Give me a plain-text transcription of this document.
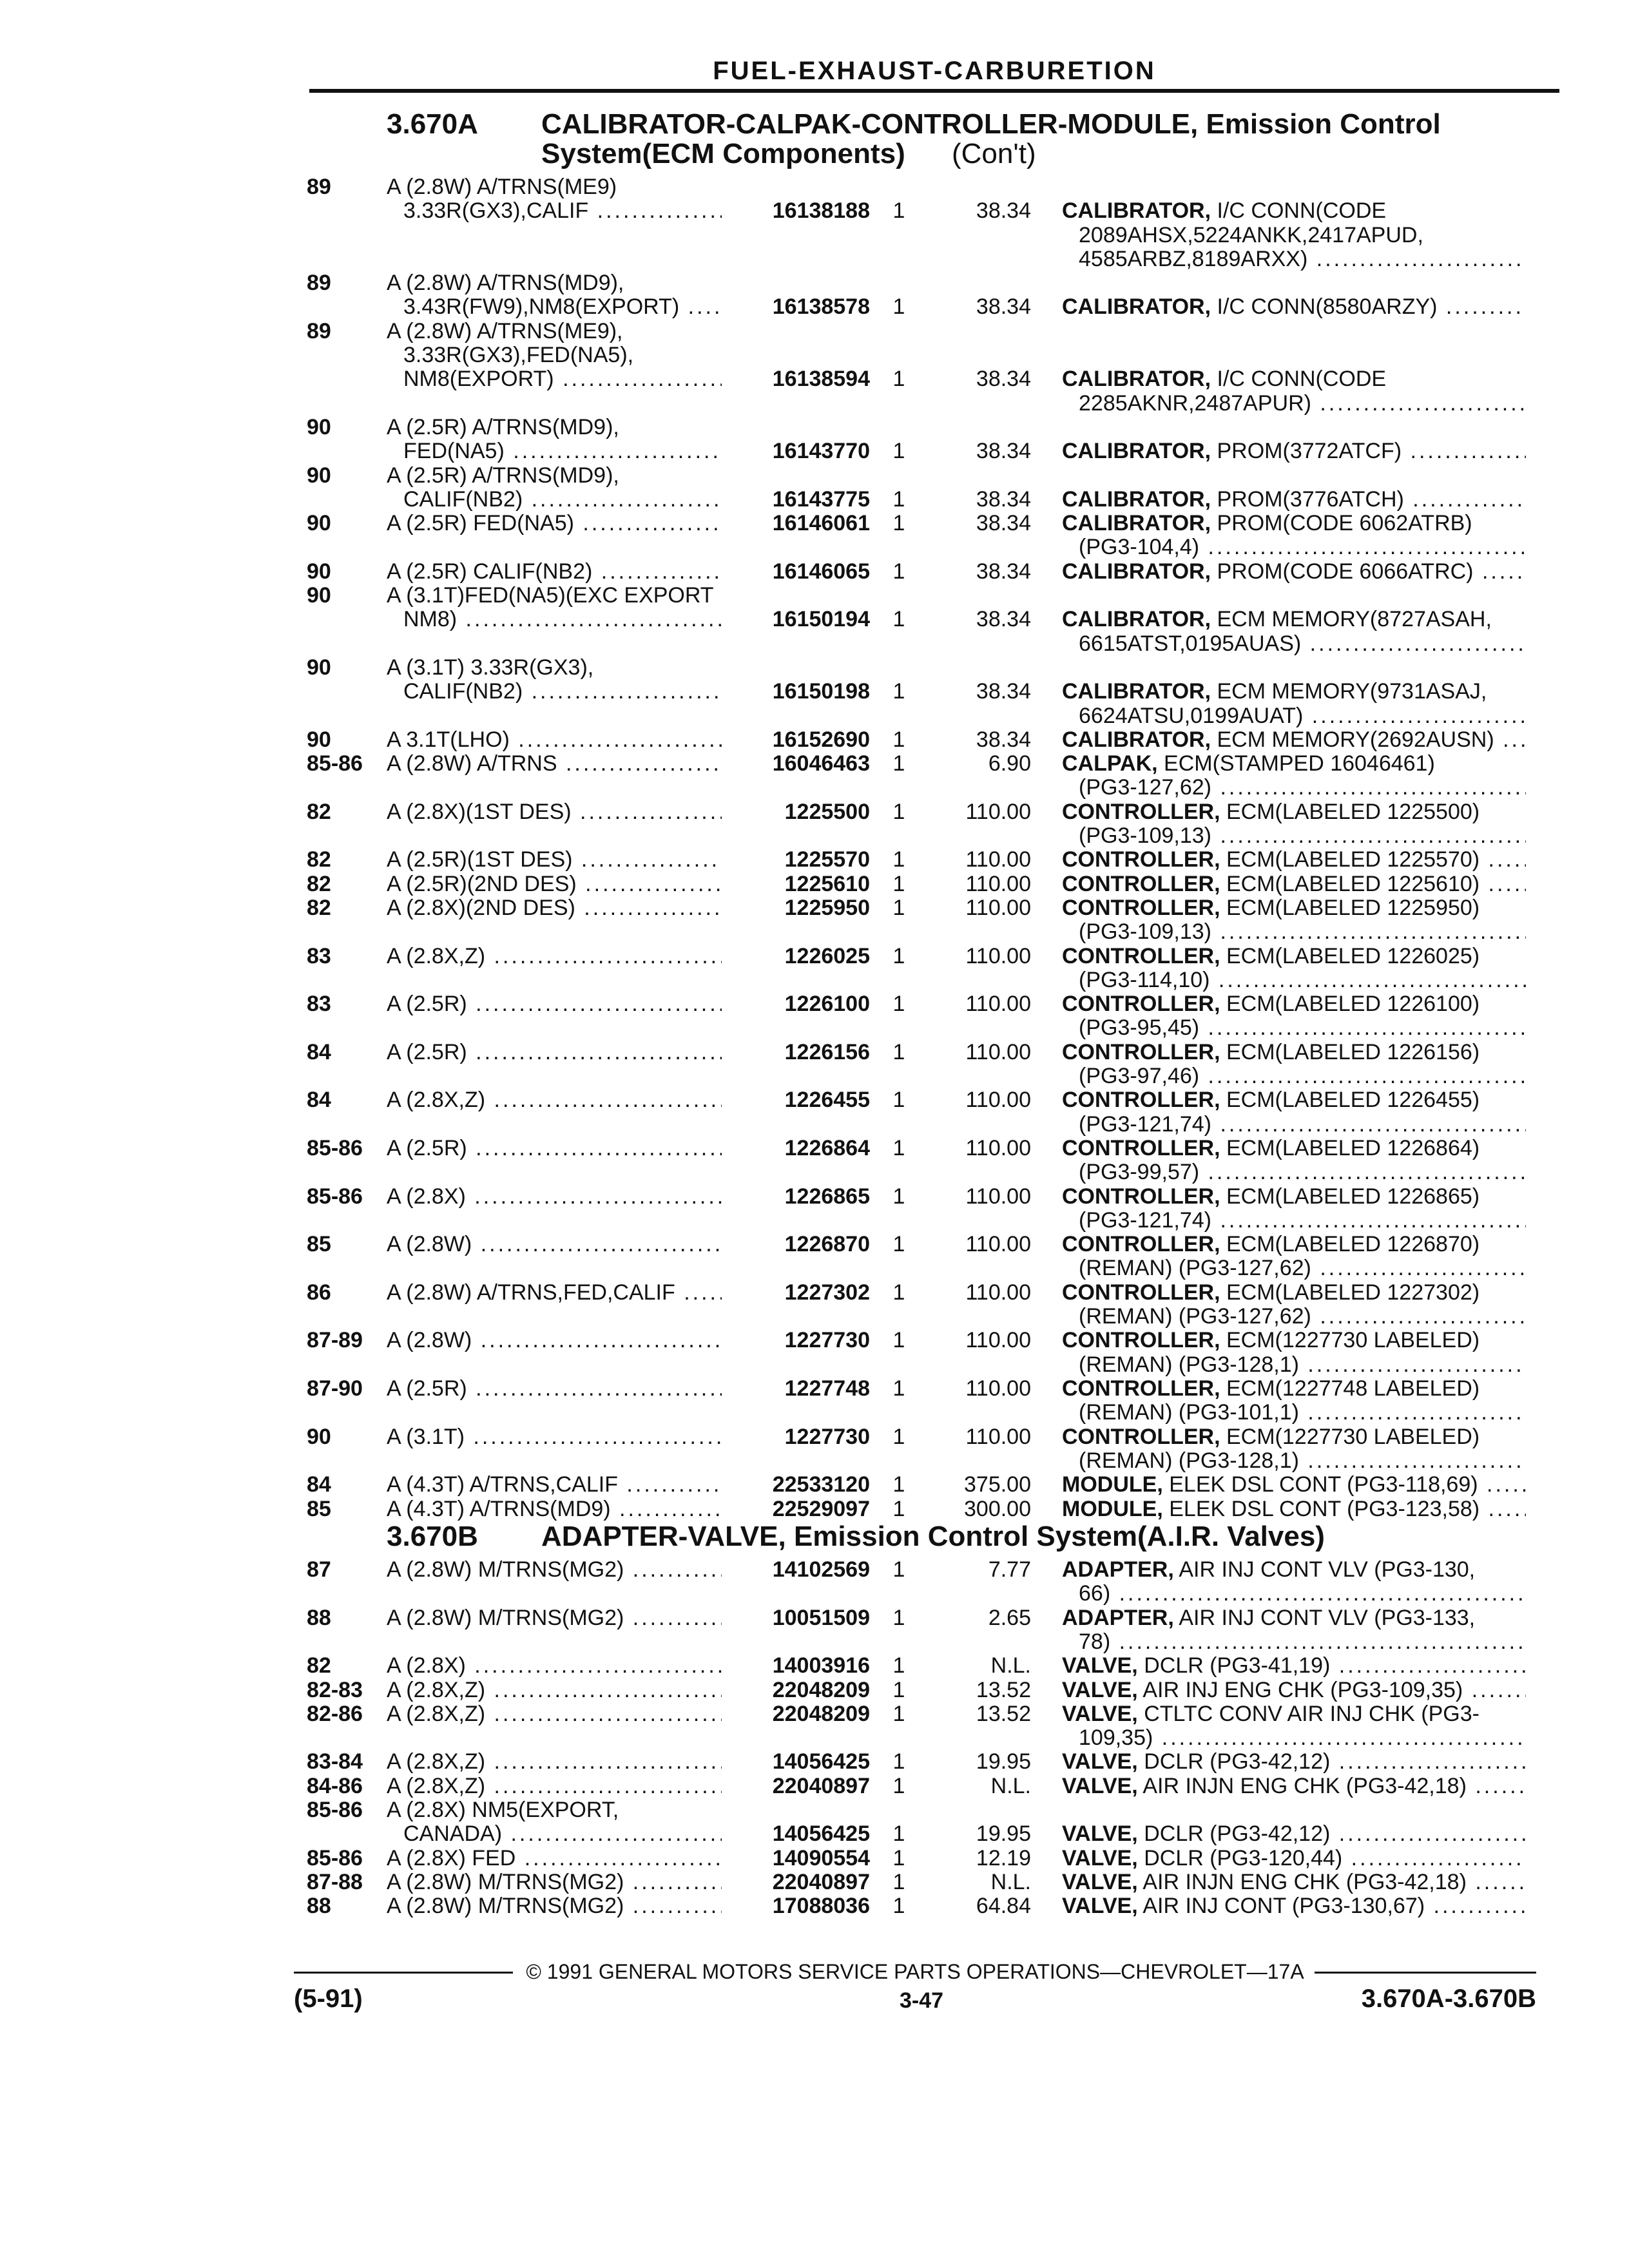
FUEL-EXHAUST-CARBURETION
3.670A CALIBRATOR-CALPAK-CONTROLLER-MODULE, Emission Control
System(ECM Components) (Con't)
89	A (2.8W) A/TRNS(ME9)
3.33R(GX3),CALIF .....	16138188	1	38.34 CALIBRATOR, I/C CONN(CODE
2089AHSX,5224ANKK,2417APUD,
4585ARBZ,8189ARXX) .....
89	A (2.8W) A/TRNS(MD9),
3.43R(FW9),NM8(EXPORT) .....	16138578	1	38.34 CALIBRATOR, I/C CONN(8580ARZY) .....
89	A (2.8W) A/TRNS(ME9),
3.33R(GX3),FED(NA5),
NM8(EXPORT) .....	16138594	1	38.34 CALIBRATOR, I/C CONN(CODE
2285AKNR,2487APUR) .....
90	A (2.5R) A/TRNS(MD9),
FED(NA5) .....	16143770	1	38.34 CALIBRATOR, PROM(3772ATCF) .....
90	A (2.5R) A/TRNS(MD9),
CALIF(NB2) .....	16143775	1	38.34 CALIBRATOR, PROM(3776ATCH) .....
90	A (2.5R) FED(NA5) .....	16146061	1	38.34 CALIBRATOR, PROM(CODE 6062ATRB)
(PG3-104,4) .....
90	A (2.5R) CALIF(NB2) .....	16146065	1	38.34 CALIBRATOR, PROM(CODE 6066ATRC) .....
90	A (3.1T)FED(NA5)(EXC EXPORT
NM8) .....	16150194	1	38.34 CALIBRATOR, ECM MEMORY(8727ASAH,
6615ATST,0195AUAS) .....
90	A (3.1T) 3.33R(GX3),
CALIF(NB2) .....	16150198	1	38.34 CALIBRATOR, ECM MEMORY(9731ASAJ,
6624ATSU,0199AUAT) .....
90	A 3.1T(LHO) .....	16152690	1	38.34 CALIBRATOR, ECM MEMORY(2692AUSN) .....
85-86	A (2.8W) A/TRNS .....	16046463	1	6.90 CALPAK, ECM(STAMPED 16046461)
(PG3-127,62) .....
82	A (2.8X)(1ST DES) .....	1225500	1	110.00 CONTROLLER, ECM(LABELED 1225500)
(PG3-109,13) .....
82	A (2.5R)(1ST DES) .....	1225570	1	110.00 CONTROLLER, ECM(LABELED 1225570) .....
82	A (2.5R)(2ND DES) .....	1225610	1	110.00 CONTROLLER, ECM(LABELED 1225610) .....
82	A (2.8X)(2ND DES) .....	1225950	1	110.00 CONTROLLER, ECM(LABELED 1225950)
(PG3-109,13) .....
83	A (2.8X,Z) .....	1226025	1	110.00 CONTROLLER, ECM(LABELED 1226025)
(PG3-114,10) .....
83	A (2.5R) .....	1226100	1	110.00 CONTROLLER, ECM(LABELED 1226100)
(PG3-95,45) .....
84	A (2.5R) .....	1226156	1	110.00 CONTROLLER, ECM(LABELED 1226156)
(PG3-97,46) .....
84	A (2.8X,Z) .....	1226455	1	110.00 CONTROLLER, ECM(LABELED 1226455)
(PG3-121,74) .....
85-86	A (2.5R) .....	1226864	1	110.00 CONTROLLER, ECM(LABELED 1226864)
(PG3-99,57) .....
85-86	A (2.8X) .....	1226865	1	110.00 CONTROLLER, ECM(LABELED 1226865)
(PG3-121,74) .....
85	A (2.8W) .....	1226870	1	110.00 CONTROLLER, ECM(LABELED 1226870)
(REMAN) (PG3-127,62) .....
86	A (2.8W) A/TRNS,FED,CALIF .....	1227302	1	110.00 CONTROLLER, ECM(LABELED 1227302)
(REMAN) (PG3-127,62) .....
87-89	A (2.8W) .....	1227730	1	110.00 CONTROLLER, ECM(1227730 LABELED)
(REMAN) (PG3-128,1) .....
87-90	A (2.5R) .....	1227748	1	110.00 CONTROLLER, ECM(1227748 LABELED)
(REMAN) (PG3-101,1) .....
90	A (3.1T) .....	1227730	1	110.00 CONTROLLER, ECM(1227730 LABELED)
(REMAN) (PG3-128,1) .....
84	A (4.3T) A/TRNS,CALIF .....	22533120	1	375.00 MODULE, ELEK DSL CONT (PG3-118,69) .....
85	A (4.3T) A/TRNS(MD9) .....	22529097	1	300.00 MODULE, ELEK DSL CONT (PG3-123,58) .....
3.670B ADAPTER-VALVE, Emission Control System(A.I.R. Valves)
87	A (2.8W) M/TRNS(MG2) .....	14102569	1	7.77 ADAPTER, AIR INJ CONT VLV (PG3-130,
66) .....
88	A (2.8W) M/TRNS(MG2) .....	10051509	1	2.65 ADAPTER, AIR INJ CONT VLV (PG3-133,
78) .....
82	A (2.8X) .....	14003916	1	N.L. VALVE, DCLR (PG3-41,19) .....
82-83	A (2.8X,Z) .....	22048209	1	13.52 VALVE, AIR INJ ENG CHK (PG3-109,35) .....
82-86	A (2.8X,Z) .....	22048209	1	13.52 VALVE, CTLTC CONV AIR INJ CHK (PG3-
109,35) .....
83-84	A (2.8X,Z) .....	14056425	1	19.95 VALVE, DCLR (PG3-42,12) .....
84-86	A (2.8X,Z) .....	22040897	1	N.L. VALVE, AIR INJN ENG CHK (PG3-42,18) .....
85-86	A (2.8X) NM5(EXPORT,
CANADA) .....	14056425	1	19.95 VALVE, DCLR (PG3-42,12) .....
85-86	A (2.8X) FED .....	14090554	1	12.19 VALVE, DCLR (PG3-120,44) .....
87-88	A (2.8W) M/TRNS(MG2) .....	22040897	1	N.L. VALVE, AIR INJN ENG CHK (PG3-42,18) .....
88	A (2.8W) M/TRNS(MG2) .....	17088036	1	64.84 VALVE, AIR INJ CONT (PG3-130,67) .....
© 1991 GENERAL MOTORS SERVICE PARTS OPERATIONS—CHEVROLET—17A
(5-91)	3-47	3.670A-3.670B
